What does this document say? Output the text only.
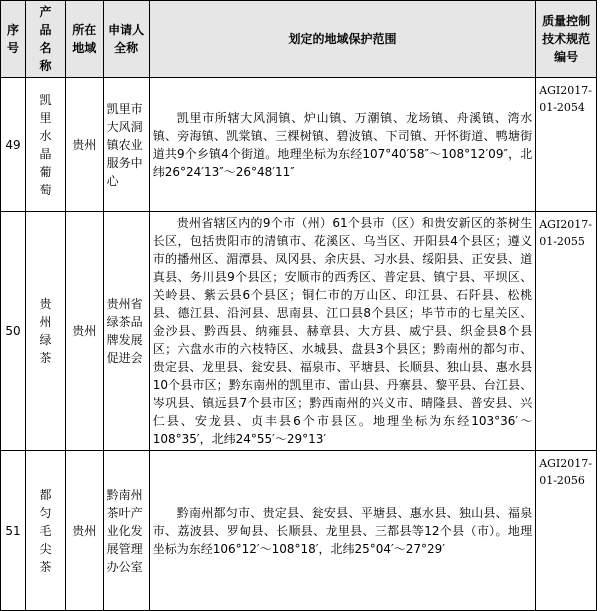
序号	产品名称	所在地域	申请人全称	划定的地域保护范围	质量控制技术规范编号
49	凯里水晶葡萄	贵州	凯里市大风洞镇农业服务中心	凯里市所辖大风洞镇、炉山镇、万潮镇、龙场镇、舟溪镇、湾水镇、旁海镇、凯棠镇、三棵树镇、碧波镇、下司镇、开怀街道、鸭塘街道共9个乡镇4个街道。地理坐标为东经107°40′58″～108°12′09″，北纬26°24′13″～26°48′11″	AGI2017-01-2054
50	贵州绿茶	贵州	贵州省绿茶品牌发展促进会	贵州省辖区内的9个市（州）61个县市（区）和贵安新区的茶树生长区，包括贵阳市的清镇市、花溪区、乌当区、开阳县4个县区；遵义市的播州区、湄潭县、凤冈县、余庆县、习水县、绥阳县、正安县、道真县、务川县9个县区；安顺市的西秀区、普定县、镇宁县、平坝区、关岭县、紫云县6个县区；铜仁市的万山区、印江县、石阡县、松桃县、德江县、沿河县、思南县、江口县8个县区；毕节市的七星关区、金沙县、黔西县、纳雍县、赫章县、大方县、威宁县、织金县8个县区；六盘水市的六枝特区、水城县、盘县3个县区；黔南州的都匀市、贵定县、龙里县、瓮安县、福泉市、平塘县、长顺县、独山县、惠水县10个县市区；黔东南州的凯里市、雷山县、丹寨县、黎平县、台江县、岑巩县、镇远县7个县市区；黔西南州的兴义市、晴隆县、普安县、兴仁县、安龙县、贞丰县6个市县区。地理坐标为东经103°36′～108°35′，北纬24°55′～29°13′	AGI2017-01-2055
51	都匀毛尖茶	贵州	黔南州茶叶产业化发展管理办公室	黔南州都匀市、贵定县、瓮安县、平塘县、惠水县、独山县、福泉市、荔波县、罗甸县、长顺县、龙里县、三都县等12个县（市）。地理坐标为东经106°12′～108°18′，北纬25°04′～27°29′	AGI2017-01-2056
